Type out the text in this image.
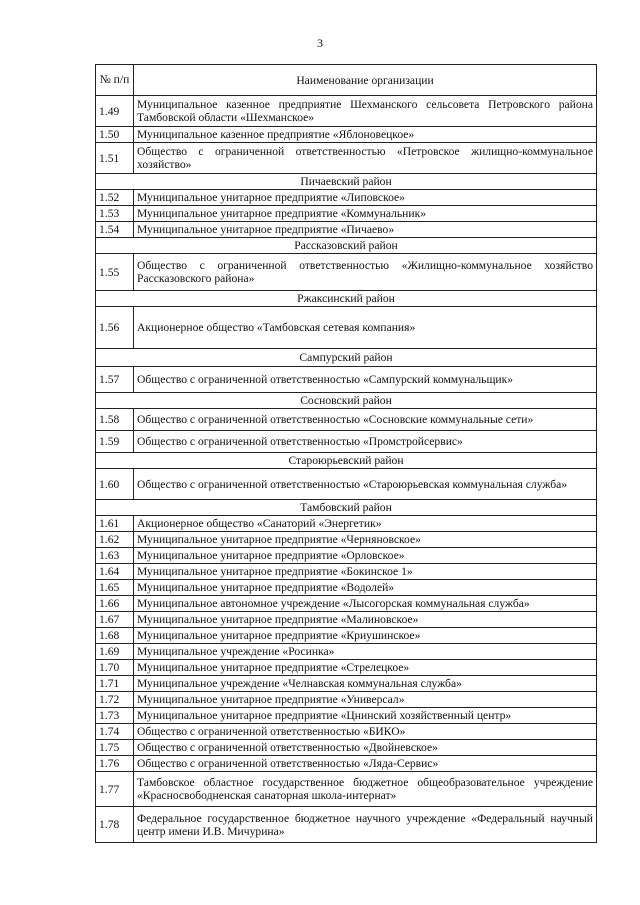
3
№ п/п	Наименование организации
1.49	Муниципальное казенное предприятие Шехманского сельсовета Петровского района Тамбовской области «Шехманское»
1.50	Муниципальное казенное предприятие «Яблоновецкое»
1.51	Общество с ограниченной ответственностью «Петровское жилищно-коммунальное хозяйство»
Пичаевский район	
1.52	Муниципальное унитарное предприятие «Липовское»
1.53	Муниципальное унитарное предприятие «Коммунальник»
1.54	Муниципальное унитарное предприятие «Пичаево»
Рассказовский район	
1.55	Общество с ограниченной ответственностью «Жилищно-коммунальное хозяйство Рассказовского района»
Ржаксинский район	
1.56	Акционерное общество «Тамбовская сетевая компания»
Сампурский район	
1.57	Общество с ограниченной ответственностью «Сампурский коммунальщик»
Сосновский район	
1.58	Общество с ограниченной ответственностью «Сосновские коммунальные сети»
1.59	Общество с ограниченной ответственностью «Промстройсервис»
Староюрьевский район	
1.60	Общество с ограниченной ответственностью «Староюрьевская коммунальная служба»
Тамбовский район	
1.61	Акционерное общество «Санаторий «Энергетик»
1.62	Муниципальное унитарное предприятие «Черняновское»
1.63	Муниципальное унитарное предприятие «Орловское»
1.64	Муниципальное унитарное предприятие «Бокинское 1»
1.65	Муниципальное унитарное предприятие «Водолей»
1.66	Муниципальное автономное учреждение «Лысогорская коммунальная служба»
1.67	Муниципальное унитарное предприятие «Малиновское»
1.68	Муниципальное унитарное предприятие «Криушинское»
1.69	Муниципальное учреждение «Росинка»
1.70	Муниципальное унитарное предприятие «Стрелецкое»
1.71	Муниципальное учреждение «Челнавская коммунальная служба»
1.72	Муниципальное унитарное предприятие «Универсал»
1.73	Муниципальное унитарное предприятие «Цнинский хозяйственный центр»
1.74	Общество с ограниченной ответственностью «БИКО»
1.75	Общество с ограниченной ответственностью «Двойневское»
1.76	Общество с ограниченной ответственностью «Ляда-Сервис»
1.77	Тамбовское областное государственное бюджетное общеобразовательное учреждение «Красносвободненская санаторная школа-интернат»
1.78	Федеральное государственное бюджетное научного учреждение «Федеральный научный центр имени И.В. Мичурина»
